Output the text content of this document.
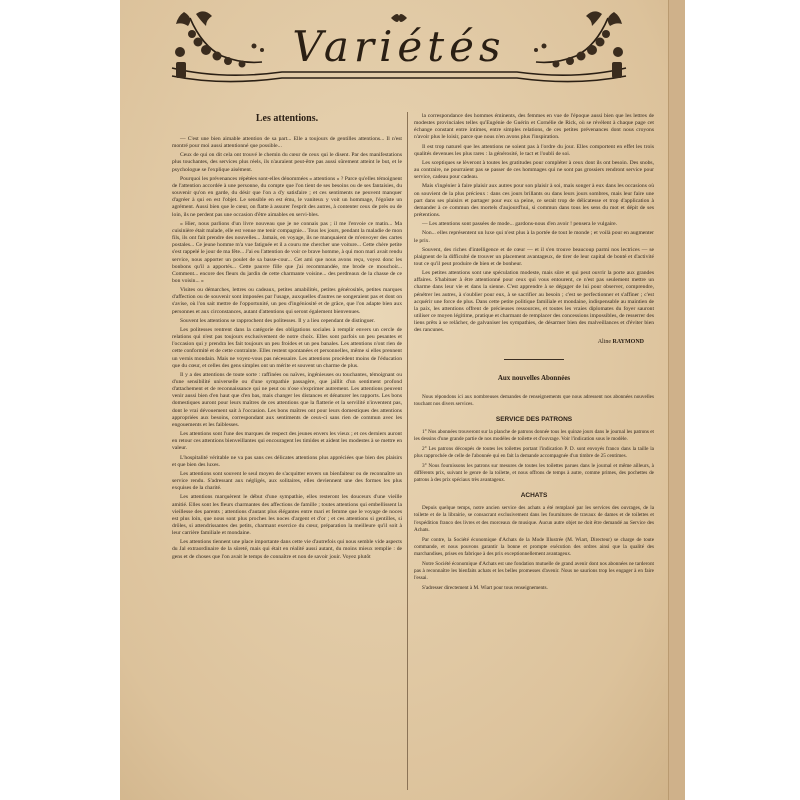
Variétés
Les attentions.

— C'est une bien aimable attention de sa part... Elle a toujours de gentilles attentions... Il n'est montré pour moi aussi attentionné que possible...

Ceux de qui on dit cela ont trouvé le chemin du cœur de ceux qui le disent. Par des manifestations plus touchantes, des services plus réels, ils n'auraient peut-être pas aussi sûrement atteint le but, et le psychologue se l'explique aisément.

Pourquoi les prévenances répétées sont-elles dénommées « attentions » ? Parce qu'elles témoignent de l'attention accordée à une personne, du compte que l'on tient de ses besoins ou de ses fantaisies, du souvenir qu'on en garde, du désir que l'on a d'y satisfaire ; et ces sentiments ne peuvent manquer d'agréer à qui en est l'objet. Le sensible en est ému, le vaniteux y voit un hommage, l'égoïste un agrément. Aussi bien que le cœur, on flatte à assurer l'esprit des autres, à contenter ceux de près ou de loin, ils ne perdent pas une occasion d'être aimables en servi-bles.

« Hier, nous parlions d'un livre nouveau que je ne connais pas ; il me l'envoie ce matin... Ma cuisinière était malade, elle est venue me tenir compagnie... Tous les jours, pendant la maladie de mon fils, ils ont fait prendre des nouvelles... Jamais, en voyage, ils ne manquaient de m'envoyer des cartes postales... Ce jeune homme m'a vue fatiguée et il a couru me chercher une voiture... Cette chère petite s'est rappelé le jour de ma fête... J'ai eu l'attention de voir ce brave homme, à qui mon mari avait rendu service, nous apporter un poulet de sa basse-cour... Cet ami que nous avons reçu, voyez donc les bonbons qu'il a apportés... Cette pauvre fille que j'ai recommandée, me brode ce mouchoir... Comment... encore des fleurs du jardin de cette charmante voisine... des perdreaux de la chasse de ce bon voisin... »

Visites ou démarches, lettres ou cadeaux, petites amabilités, petites générosités, petites marques d'affection ou de souvenir sont imposées par l'usage, auxquelles d'autres ne songeraient pas et dont on s'avise, où l'on sait mettre de l'opportunité, un peu d'ingéniosité et de grâce, que l'on adapte bien aux personnes et aux circonstances, autant d'attentions qui seront également bienvenues.

Souvent les attentions se rapprochent des politesses. Il y a lieu cependant de distinguer.

Les politesses rentrent dans la catégorie des obligations sociales à remplir envers un cercle de relations qui n'est pas toujours exclusivement de notre choix. Elles sont parfois un peu pesantes et l'occasion qui y prendra les fait toujours un peu froides et un peu banales. Les attentions n'ont rien de cette conformité et de cette contrainte. Elles restent spontanées et personnelles, même si elles prennent un vernis mondain. Mais ne voyez-vous pas nécessaire. Les attentions procèdent moins de l'éducation que du cœur, et celles des gens simples ont un mérite et souvent un charme de plus.

Il y a des attentions de toute sorte : raffinées ou naïves, ingénieuses ou touchantes, témoignant ou d'une sensibilité universelle ou d'une sympathie passagère, que jaillit d'un sentiment profond d'attachement et de reconnaissance qui ne peut ou n'ose s'exprimer autrement. Les attentions peuvent venir aussi bien d'en haut que d'en bas, mais changer les distances et dénaturer les rapports. Les bons domestiques auront pour leurs maîtres de ces attentions que la flatterie et la servilité n'inventent pas, dont le vrai dévouement sait à l'occasion. Les bons maîtres ont pour leurs domestiques des attentions appropriées aux besoins, correspondant aux sentiments de ceux-ci sans rien de commun avec les engouements et les faiblesses.

Les attentions sont l'une des marques de respect des jeunes envers les vieux ; et ces derniers auront en retour ces attentions bienveillantes qui encouragent les timides et aident les modestes à se mettre en valeur.

L'hospitalité véritable ne va pas sans ces délicates attentions plus appréciées que bien des plaisirs et que bien des luxes.

Les attentions sont souvent le seul moyen de s'acquitter envers un bienfaiteur ou de reconnaître un service rendu. S'adressant aux négligés, aux solitaires, elles deviennent une des formes les plus exquises de la charité.

Les attentions marquèrent le début d'une sympathie, elles resteront les douceurs d'une vieille amitié. Elles sont les fleurs charmantes des affections de famille ; toutes attentions qui embellissent la vieillesse des parents ; attentions d'autant plus élégantes entre mari et femme que le voyage de noces est plus loin, que nous sont plus proches les noces d'argent et d'or ; et ces attentions si gentilles, si drôles, si attendrissantes des petits, charmant exercice du cœur, préparation la meilleure qu'il soit à leur carrière familiale et mondaine.

Les attentions tiennent une place importante dans cette vie d'autrefois qui nous semble vide aspects du Jal extraordinaire de la sûreté, mais qui était en réalité aussi autant, du moins mieux remplie : de gens et de choses que l'on avait le temps de connaître et non de savoir jouir. Voyez plutôt

la correspondance des hommes éminents, des femmes en vue de l'époque aussi bien que les lettres de modestes provinciales telles qu'Eugénie de Guérin et Cornélie de Rick, où se révèlent à chaque page cet échange constant entre intimes, entre simples relations, de ces petites prévenances dont nous croyons n'avoir plus le loisir, parce que nous n'en avons plus l'inspiration.

Il est trop naturel que les attentions ne soient pas à l'ordre du jour. Elles comportent en effet les trois qualités devenues les plus rares : la générosité, le tact et l'oubli de soi.

Les sceptiques se lèveront à toutes les gratitudes pour compléter à ceux dont ils ont besoin. Des snobs, au contraire, ne pourraient pas se passer de ces hommages qui ne sont pas grossiers rendront service pour service, cadeau pour cadeau.

Mais s'ingénier à faire plaisir aux autres pour son plaisir à soi, mais songer à eux dans les occasions où on souvient de la plus précieux : dans ces jours brillants ou dans leurs jours sombres, mais leur faire une part dans ses plaisirs et partager pour eux sa peine, ce serait trop de délicatesse et trop d'application à demander à ce commun des mortels d'aujourd'hui, si commun dans tous les sens du mot et dépit de ses prétentions.

— Les attentions sont passées de mode... gardons-nous d'en avoir ! pensera le vulgaire.

Non... elles représentent un luxe qui n'est plus à la portée de tout le monde ; et voilà pour en augmenter le prix.

Souvent, des riches d'intelligence et de cœur — et il s'en trouve beaucoup parmi nos lectrices — se plaignent de la difficulté de trouver un placement avantageux, de tirer de leur capital de bonté et d'activité tout ce qu'il peut produire de bien et de bonheur.

Les petites attentions sont une spéculation modeste, mais sûre et qui peut ouvrir la porte aux grandes affaires. S'habituer à être attentionné pour ceux qui vous entourent, ce n'est pas seulement mettre un charme dans leur vie et dans la sienne. C'est apprendre à se dégager de lui pour observer, comprendre, pénétrer les autres, à s'oublier pour eux, à se sacrifier au besoin ; c'est se perfectionner et s'affiner ; c'est acquérir une force de plus. Dans cette petite politique familiale et mondaine, indispensable au maintien de la paix, les attentions offrent de précieuses ressources, et toutes les vraies diplomates du foyer sauront utiliser ce moyen légitime, pratique et charmant de remplacer des concessions impossibles, de resserrer des liens prêts à se relâcher, de galvaniser les sympathies, de désarmer bien des malveillances et d'éviter bien des rancunes.

Aline RAYMOND
Aux nouvelles Abonnées

Nous répondons ici aux nombreuses demandes de renseignements que nous adressent nos abonnées nouvelles touchant nos divers services.

SERVICE DES PATRONS

1° Nos abonnées trouveront sur la planche de patrons donnée tous les quinze jours dans le journal les patrons et les dessins d'une grande partie de nos modèles de toilette et d'ouvrage. Voir l'indication sous le modèle.

2° Les patrons découpés de toutes les toilettes portant l'indication P. D. sont envoyés franco dans la taille la plus rapprochée de celle de l'abonnée qui en fait la demande accompagnée d'un timbre de 25 centimes.

3° Nous fournissons les patrons sur mesures de toutes les toilettes parues dans le journal et même ailleurs, à différents prix, suivant le genre de la toilette, et nous offrons de temps à autre, comme primes, des pochettes de patrons à des prix spéciaux très avantageux.

ACHATS

Depuis quelque temps, notre ancien service des achats a été remplacé par les services des ouvrages, de la toilette et de la librairie, se consacrant exclusivement dans les fournitures de travaux de dames et de toilettes et l'expédition franco des livres et des morceaux de musique. Aucun autre objet ne doit être demandé au Service des Achats.

Par contre, la Société économique d'Achats de la Mode Illustrée (M. Wiart, Directeur) se charge de toute commande, et nous pouvons garantir la bonne et prompte exécution des ordres ainsi que la qualité des marchandises, prises en fabrique à des prix exceptionnellement avantageux.

Notre Société économique d'Achats est une fondation mutuelle de grand avenir dont nos abonnées ne tarderont pas à reconnaître les bienfaits achats et les belles promesses d'avenir. Nous ne saurions trop les engager à en faire l'essai.

S'adresser directement à M. Wiart pour tous renseignements.
